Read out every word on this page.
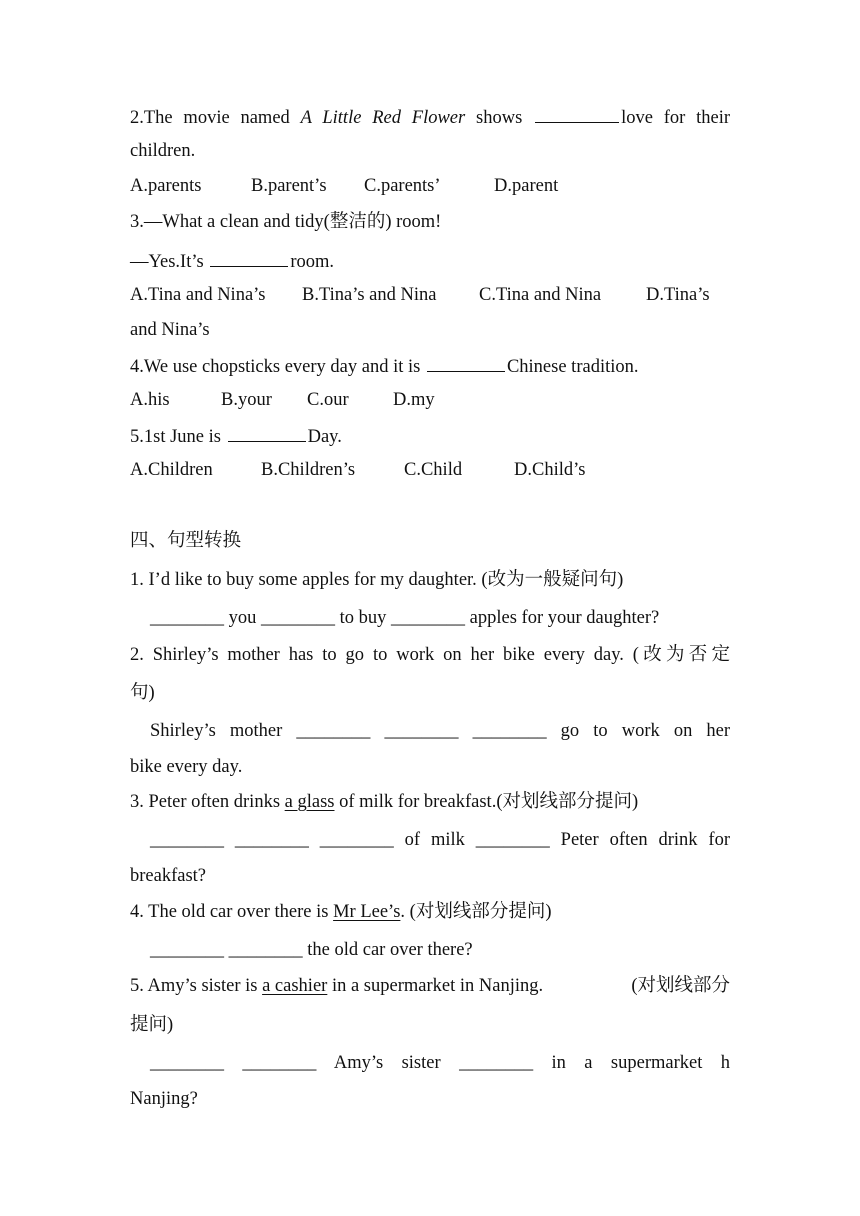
2.The movie named A Little Red Flower shows	love for their
children.
A.parents	B.parent’s C.parents’	D.parent
3.—What a clean and tidy(整洁的) room!
—Yes.It’s	room.
A.Tina and Nina’s B.Tina’s and Nina C.Tina and Nina D.Tina’s
and Nina’s
4.We use chopsticks every day and it is	Chinese tradition.
A.his	B.your C.our D.my
5.1st June is	Day.
A.Children	B.Children’s	C.Child	D.Child’s
四、句型转换
1. I’d like to buy some apples for my daughter. (改为一般疑问句)
________ you ________ to buy ________ apples for your daughter?
2. Shirley’s mother has to go to work on her bike every day. (改为否定
句)
Shirley’s mother ________ ________ ________ go to work on her
bike every day.
3. Peter often drinks a glass of milk for breakfast.(对划线部分提问)
________ ________ ________ of milk ________ Peter often drink for
breakfast?
4. The old car over there is Mr Lee’s. (对划线部分提问)
________ ________ the old car over there?
5. Amy’s sister is a cashier in a supermarket in Nanjing.	(对划线部分
提问)
________ ________ Amy’s sister ________ in a supermarket h
Nanjing?
